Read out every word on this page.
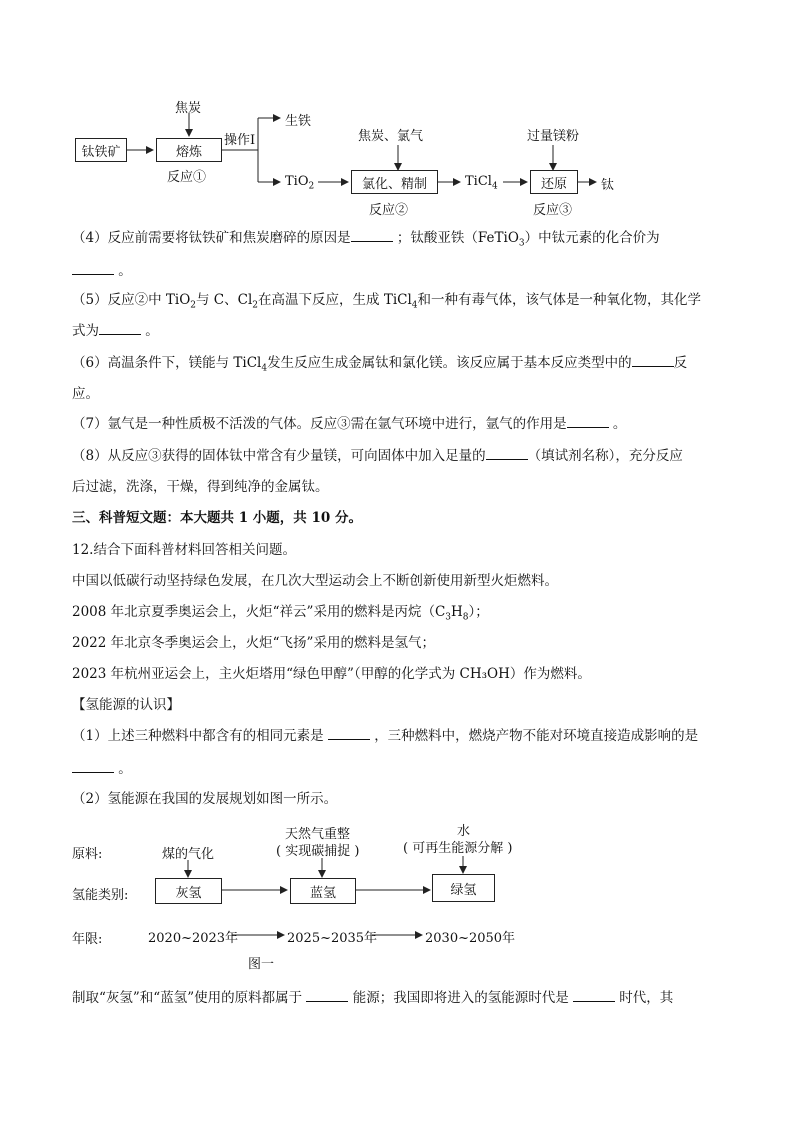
钛铁矿
焦炭
熔炼
反应①
操作I
生铁
TiO$_2$
焦炭、氯气
氯化、精制
反应②
TiCl$_4$
过量镁粉
还原
反应③
钛
（4）反应前需要将钛铁矿和焦炭磨碎的原因是	；钛酸亚铁（FeTiO$_3$）中钛元素的化合价为
。
（5）反应②中 TiO$_2$与 C、$Cl_2$在高温下反应，生成 TiCl$_4$和一种有毒气体，该气体是一种氧化物，其化学
式为	。
（6）高温条件下，镁能与 TiCl$_4$发生反应生成金属钛和氯化镁。该反应属于基本反应类型中的	反
应。
（7）氩气是一种性质极不活泼的气体。反应③需在氩气环境中进行，氩气的作用是	。
（8）从反应③获得的固体钛中常含有少量镁，可向固体中加入足量的	（填试剂名称），充分反应
后过滤，洗涤，干燥，得到纯净的金属钛。
三、科普短文题：本大题共 1 小题，共 10 分。
12.结合下面科普材料回答相关问题。
中国以低碳行动坚持绿色发展，在几次大型运动会上不断创新使用新型火炬燃料。
2008 年北京夏季奥运会上，火炬“祥云”采用的燃料是丙烷$(C_3H_8)$；
2022 年北京冬季奥运会上，火炬“飞扬”采用的燃料是氢气；
2023 年杭州亚运会上，主火炬塔用“绿色甲醇”（甲醇的化学式为 CH₃OH）作为燃料。
【氢能源的认识】
（1）上述三种燃料中都含有的相同元素是	，三种燃料中，燃烧产物不能对环境直接造成影响的是
。
（2）氢能源在我国的发展规划如图一所示。
原料:
氢能类别:
年限:
煤的气化
天然气重整
( 实现碳捕捉 )
水
( 可再生能源分解 )
灰氢	蓝氢	绿氢
2020~2023年	2025~2035年	2030~2050年
图一
制取“灰氢”和“蓝氢”使用的原料都属于	能源；我国即将进入的氢能源时代是	时代，其
